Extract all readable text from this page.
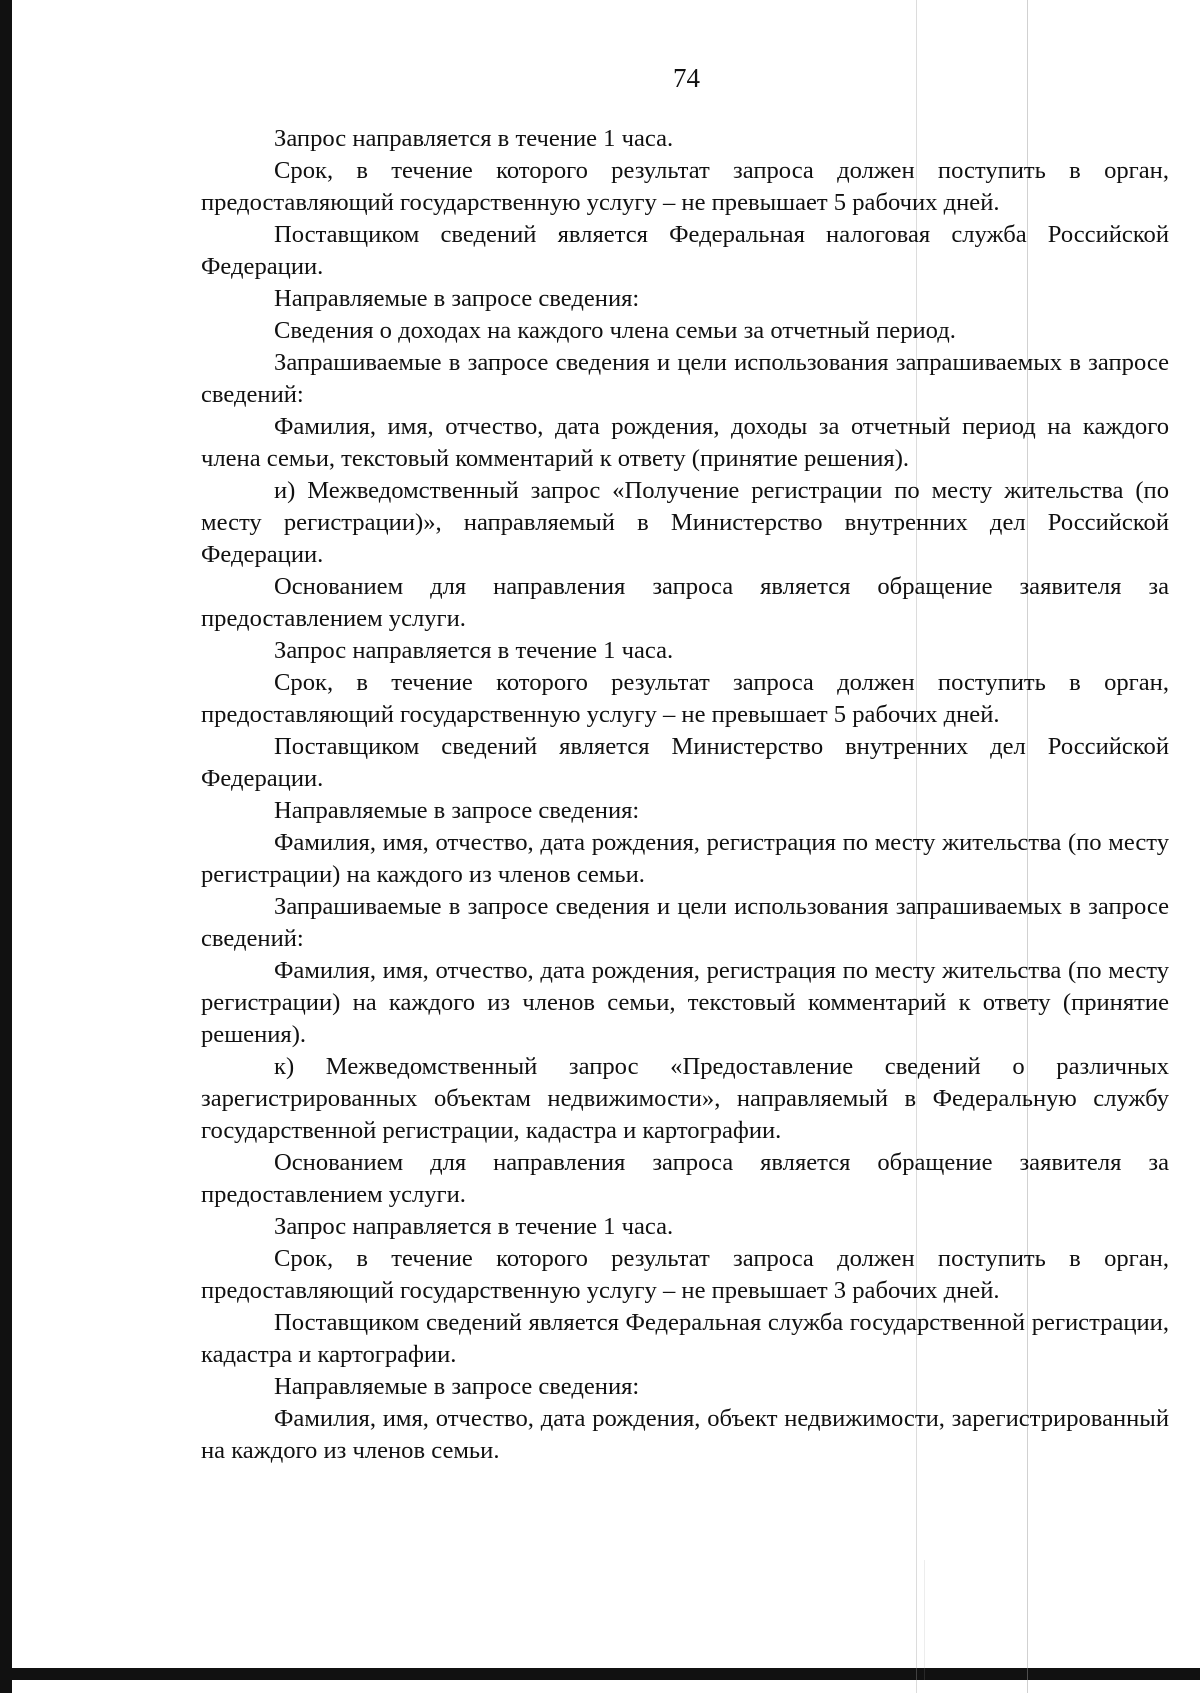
74

Запрос направляется в течение 1 часа.

Срок, в течение которого результат запроса должен поступить в орган, предоставляющий государственную услугу – не превышает 5 рабочих дней.

Поставщиком сведений является Федеральная налоговая служба Российской Федерации.

Направляемые в запросе сведения:

Сведения о доходах на каждого члена семьи за отчетный период.

Запрашиваемые в запросе сведения и цели использования запрашиваемых в запросе сведений:

Фамилия, имя, отчество, дата рождения, доходы за отчетный период на каждого члена семьи, текстовый комментарий к ответу (принятие решения).

и) Межведомственный запрос «Получение регистрации по месту жительства (по месту регистрации)», направляемый в Министерство внутренних дел Российской Федерации.

Основанием для направления запроса является обращение заявителя за предоставлением услуги.

Запрос направляется в течение 1 часа.

Срок, в течение которого результат запроса должен поступить в орган, предоставляющий государственную услугу – не превышает 5 рабочих дней.

Поставщиком сведений является Министерство внутренних дел Российской Федерации.

Направляемые в запросе сведения:

Фамилия, имя, отчество, дата рождения, регистрация по месту жительства (по месту регистрации) на каждого из членов семьи.

Запрашиваемые в запросе сведения и цели использования запрашиваемых в запросе сведений:

Фамилия, имя, отчество, дата рождения, регистрация по месту жительства (по месту регистрации) на каждого из членов семьи, текстовый комментарий к ответу (принятие решения).

к) Межведомственный запрос «Предоставление сведений о различных зарегистрированных объектам недвижимости», направляемый в Федеральную службу государственной регистрации, кадастра и картографии.

Основанием для направления запроса является обращение заявителя за предоставлением услуги.

Запрос направляется в течение 1 часа.

Срок, в течение которого результат запроса должен поступить в орган, предоставляющий государственную услугу – не превышает 3 рабочих дней.

Поставщиком сведений является Федеральная служба государственной регистрации, кадастра и картографии.

Направляемые в запросе сведения:

Фамилия, имя, отчество, дата рождения, объект недвижимости, зарегистрированный на каждого из членов семьи.
